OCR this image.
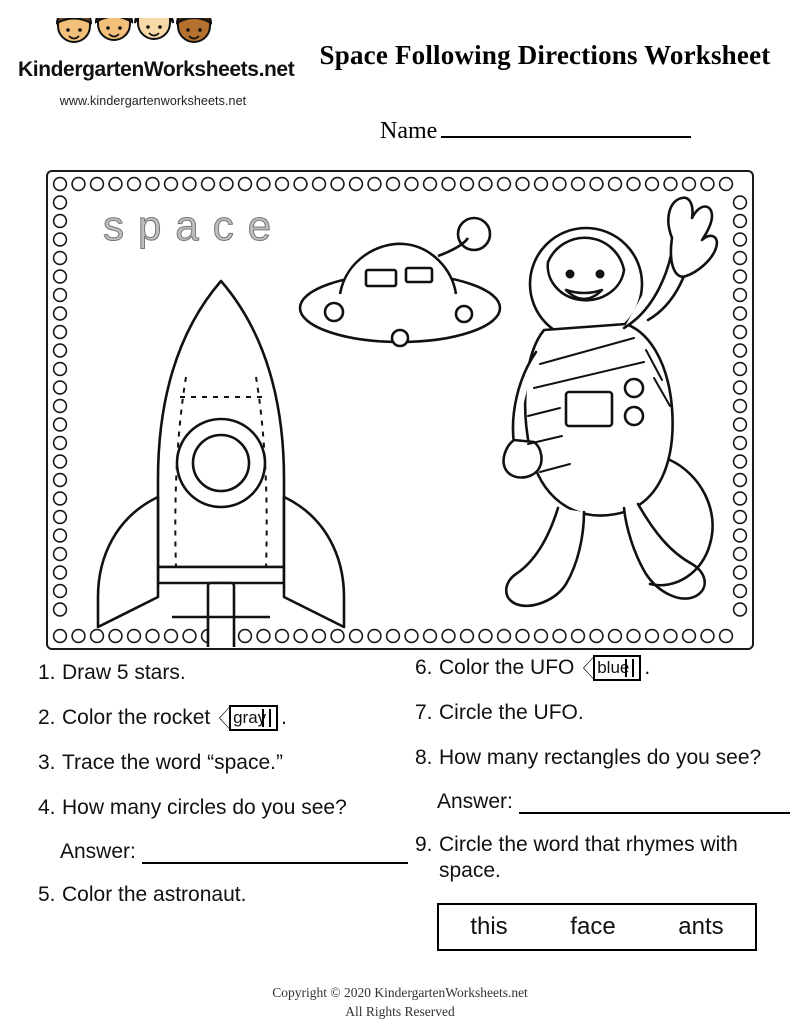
KindergartenWorksheets.net
www.kindergartenworksheets.net
Space Following Directions Worksheet
Name
space
1. Draw 5 stars.
2. Color the rocket gray .
3. Trace the word “space.”
4. How many circles do you see?
Answer:
5. Color the astronaut.
6. Color the UFO blue .
7. Circle the UFO.
8. How many rectangles do you see?
Answer:
9. Circle the word that rhymes with space.
this	face	ants
Copyright © 2020 KindergartenWorksheets.net
All Rights Reserved
